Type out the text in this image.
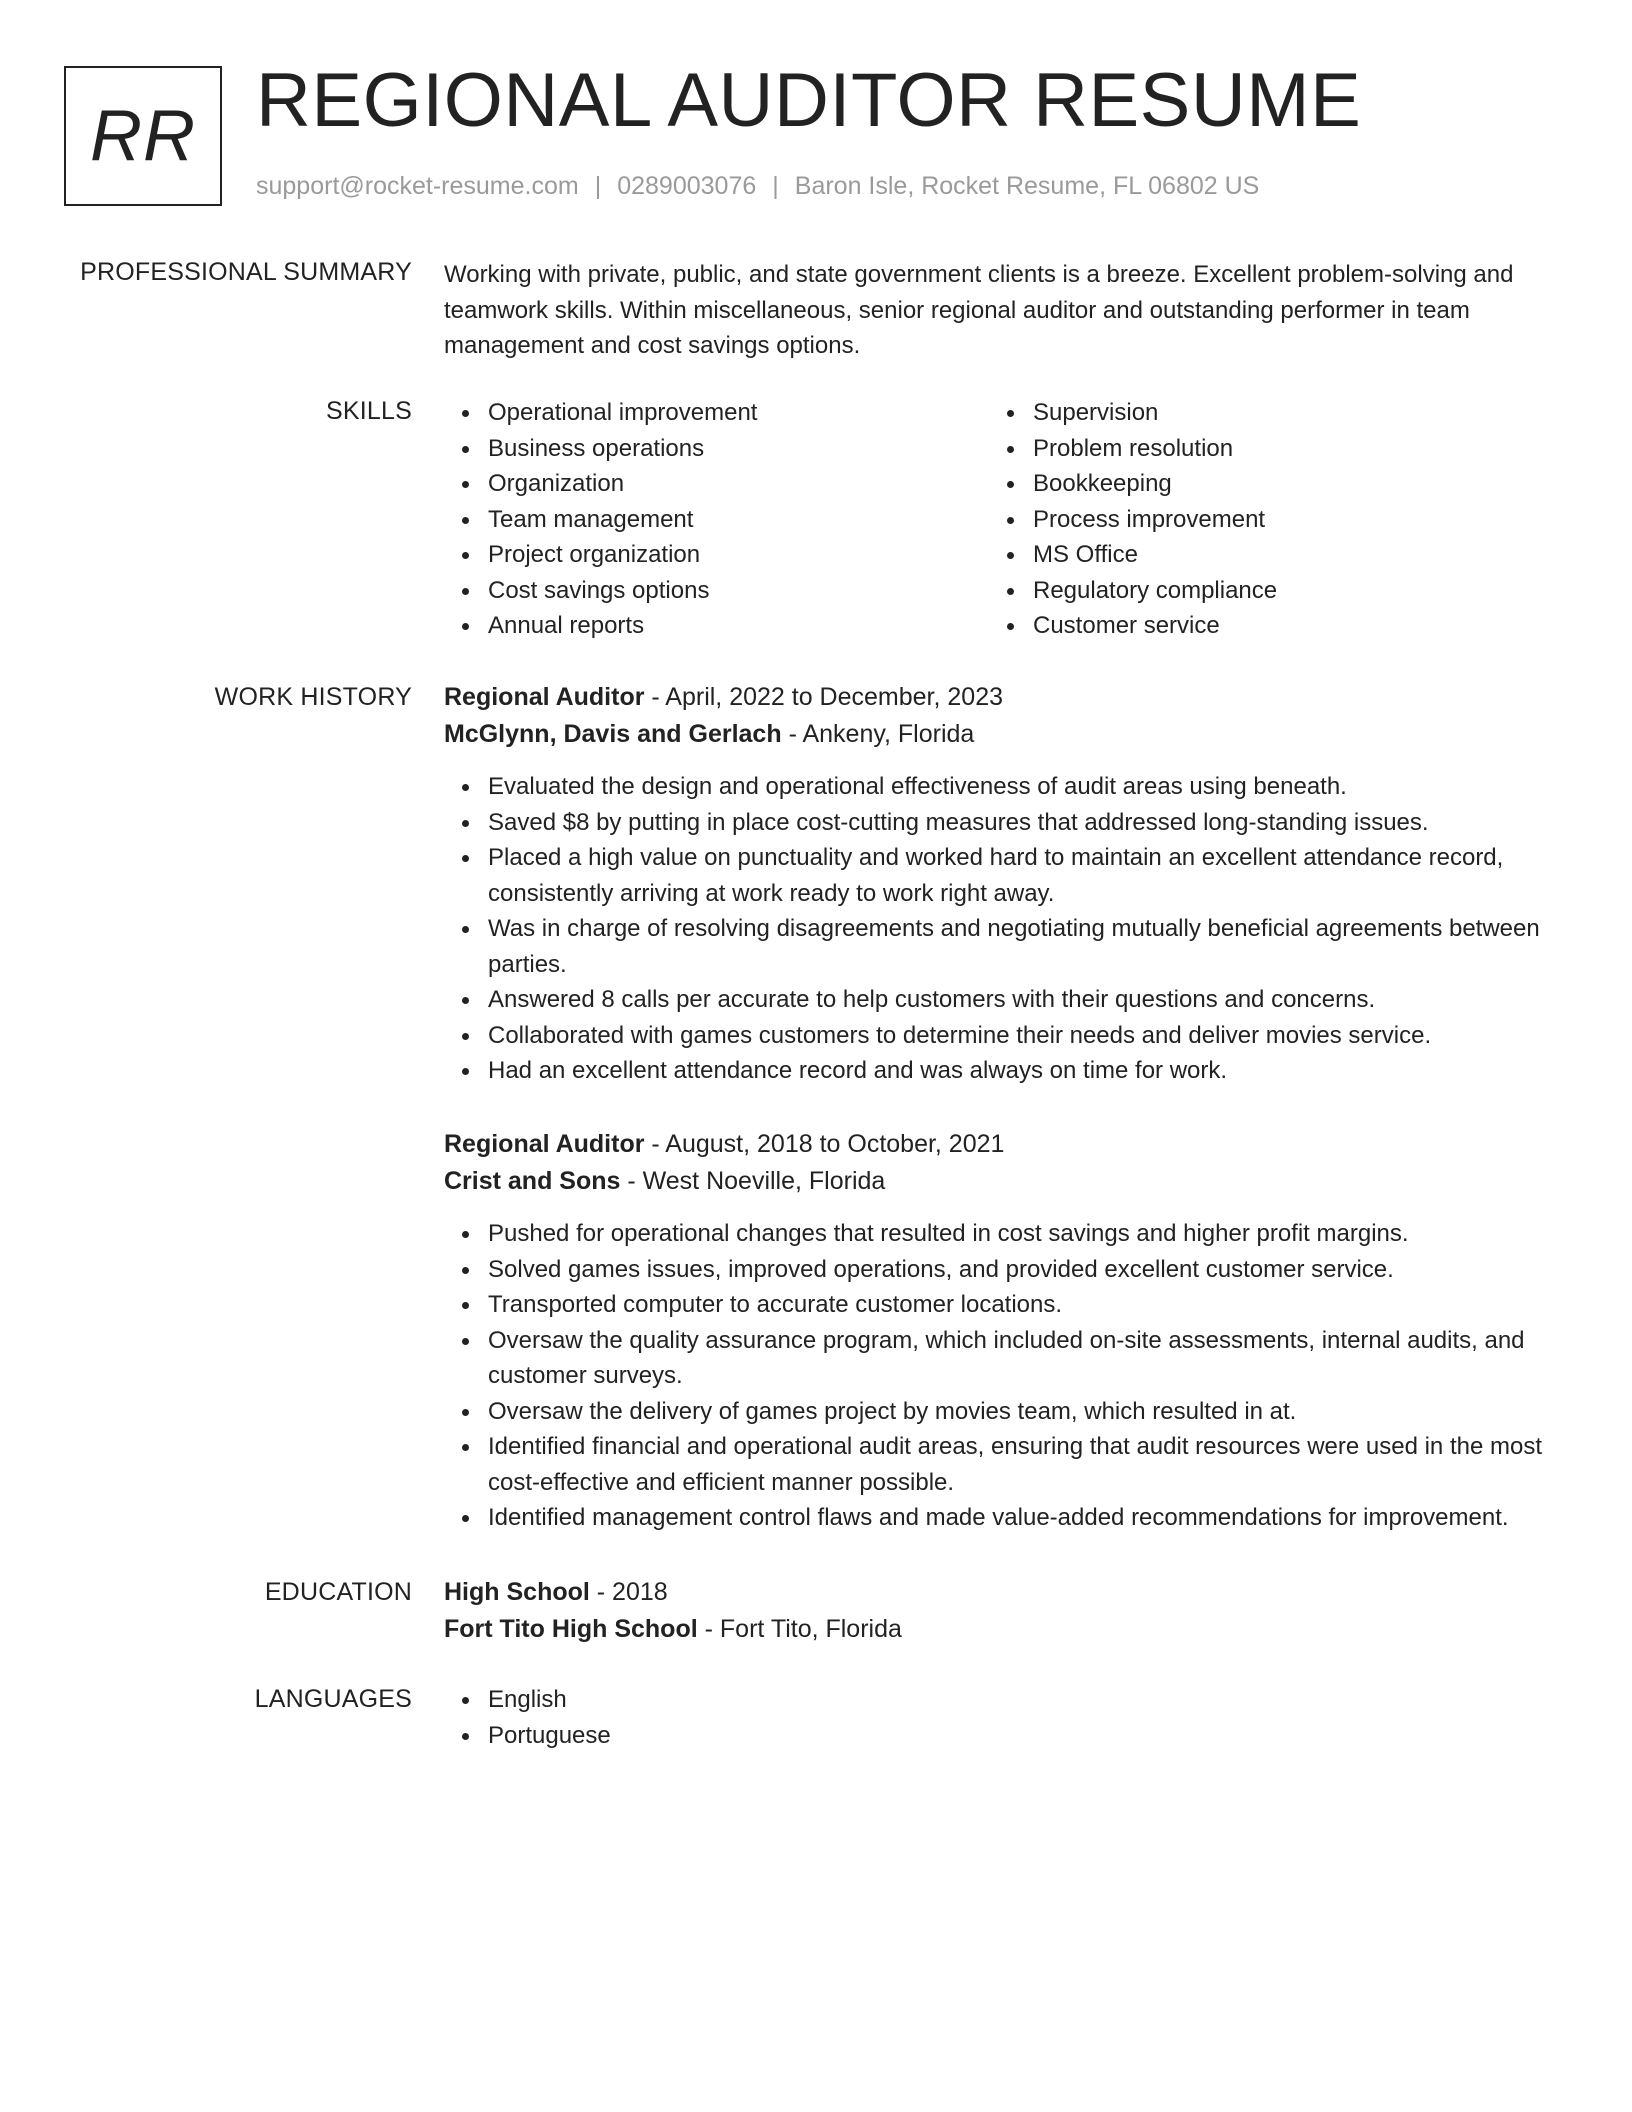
RR REGIONAL AUDITOR RESUME
support@rocket-resume.com | 0289003076 | Baron Isle, Rocket Resume, FL 06802 US
PROFESSIONAL SUMMARY Working with private, public, and state government clients is a breeze. Excellent problem-solving and teamwork skills. Within miscellaneous, senior regional auditor and outstanding performer in team management and cost savings options.

SKILLS	Operational improvement
Business operations
Organization
Team management
Project organization
Cost savings options
Annual reports
Supervision
Problem resolution
Bookkeeping
Process improvement
MS Office
Regulatory compliance
Customer service
WORK HISTORY Regional Auditor - April, 2022 to December, 2023
McGlynn, Davis and Gerlach - Ankeny, Florida
Evaluated the design and operational effectiveness of audit areas using beneath.
Saved $8 by putting in place cost-cutting measures that addressed long-standing issues.
Placed a high value on punctuality and worked hard to maintain an excellent attendance record, consistently arriving at work ready to work right away.
Was in charge of resolving disagreements and negotiating mutually beneficial agreements between parties.
Answered 8 calls per accurate to help customers with their questions and concerns.
Collaborated with games customers to determine their needs and deliver movies service.
Had an excellent attendance record and was always on time for work.
Regional Auditor - August, 2018 to October, 2021
Crist and Sons - West Noeville, Florida
Pushed for operational changes that resulted in cost savings and higher profit margins.
Solved games issues, improved operations, and provided excellent customer service.
Transported computer to accurate customer locations.
Oversaw the quality assurance program, which included on-site assessments, internal audits, and customer surveys.
Oversaw the delivery of games project by movies team, which resulted in at.
Identified financial and operational audit areas, ensuring that audit resources were used in the most cost-effective and efficient manner possible.
Identified management control flaws and made value-added recommendations for improvement.
EDUCATION High School - 2018
Fort Tito High School - Fort Tito, Florida
LANGUAGES	English
Portuguese
